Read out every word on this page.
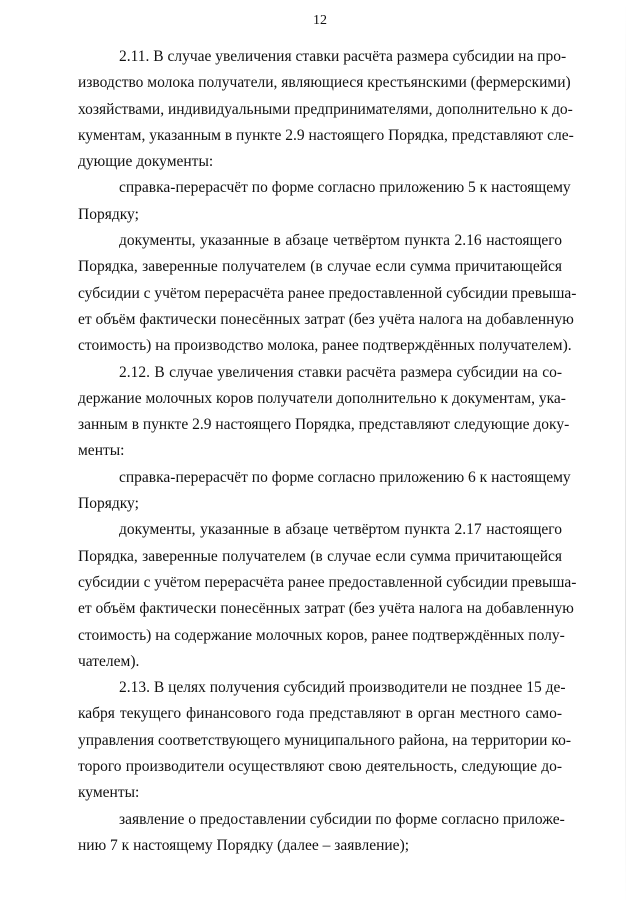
12
2.11. В случае увеличения ставки расчёта размера субсидии на про-
изводство молока получатели, являющиеся крестьянскими (фермерскими)
хозяйствами, индивидуальными предпринимателями, дополнительно к до-
кументам, указанным в пункте 2.9 настоящего Порядка, представляют сле-
дующие документы:
справка-перерасчёт по форме согласно приложению 5 к настоящему
Порядку;
документы, указанные в абзаце четвёртом пункта 2.16 настоящего
Порядка, заверенные получателем (в случае если сумма причитающейся
субсидии с учётом перерасчёта ранее предоставленной субсидии превыша-
ет объём фактически понесённых затрат (без учёта налога на добавленную
стоимость) на производство молока, ранее подтверждённых получателем).
2.12. В случае увеличения ставки расчёта размера субсидии на со-
держание молочных коров получатели дополнительно к документам, ука-
занным в пункте 2.9 настоящего Порядка, представляют следующие доку-
менты:
справка-перерасчёт по форме согласно приложению 6 к настоящему
Порядку;
документы, указанные в абзаце четвёртом пункта 2.17 настоящего
Порядка, заверенные получателем (в случае если сумма причитающейся
субсидии с учётом перерасчёта ранее предоставленной субсидии превыша-
ет объём фактически понесённых затрат (без учёта налога на добавленную
стоимость) на содержание молочных коров, ранее подтверждённых полу-
чателем).
2.13. В целях получения субсидий производители не позднее 15 де-
кабря текущего финансового года представляют в орган местного само-
управления соответствующего муниципального района, на территории ко-
торого производители осуществляют свою деятельность, следующие до-
кументы:
заявление о предоставлении субсидии по форме согласно приложе-
нию 7 к настоящему Порядку (далее – заявление);
